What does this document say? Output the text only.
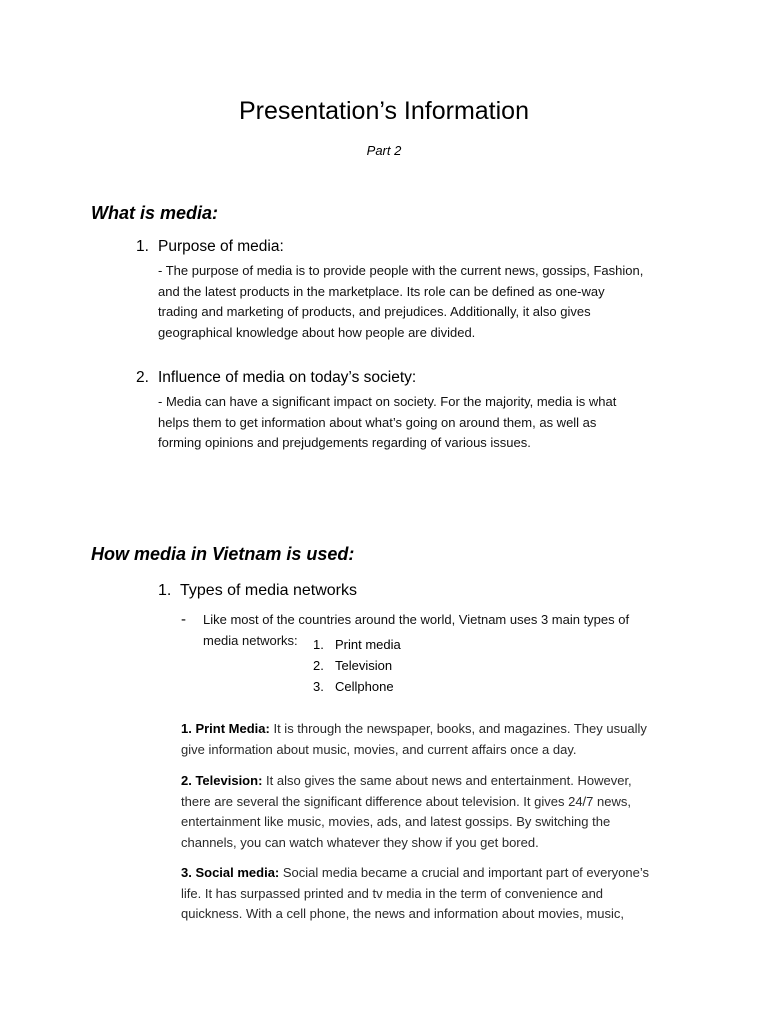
Presentation’s Information
Part 2
What is media:
1. Purpose of media:
- The purpose of media is to provide people with the current news, gossips, Fashion,
and the latest products in the marketplace. Its role can be defined as one-way
trading and marketing of products, and prejudices. Additionally, it also gives
geographical knowledge about how people are divided.
2. Influence of media on today’s society:
- Media can have a significant impact on society. For the majority, media is what
helps them to get information about what’s going on around them, as well as
forming opinions and prejudgements regarding of various issues.
How media in Vietnam is used:
1. Types of media networks
- Like most of the countries around the world, Vietnam uses 3 main types of
media networks:	1. Print media
2. Television
3. Cellphone
1. Print Media: It is through the newspaper, books, and magazines. They usually
give information about music, movies, and current affairs once a day.
2. Television: It also gives the same about news and entertainment. However,
there are several the significant difference about television. It gives 24/7 news,
entertainment like music, movies, ads, and latest gossips. By switching the
channels, you can watch whatever they show if you get bored.
3. Social media: Social media became a crucial and important part of everyone’s
life. It has surpassed printed and tv media in the term of convenience and
quickness. With a cell phone, the news and information about movies, music,
